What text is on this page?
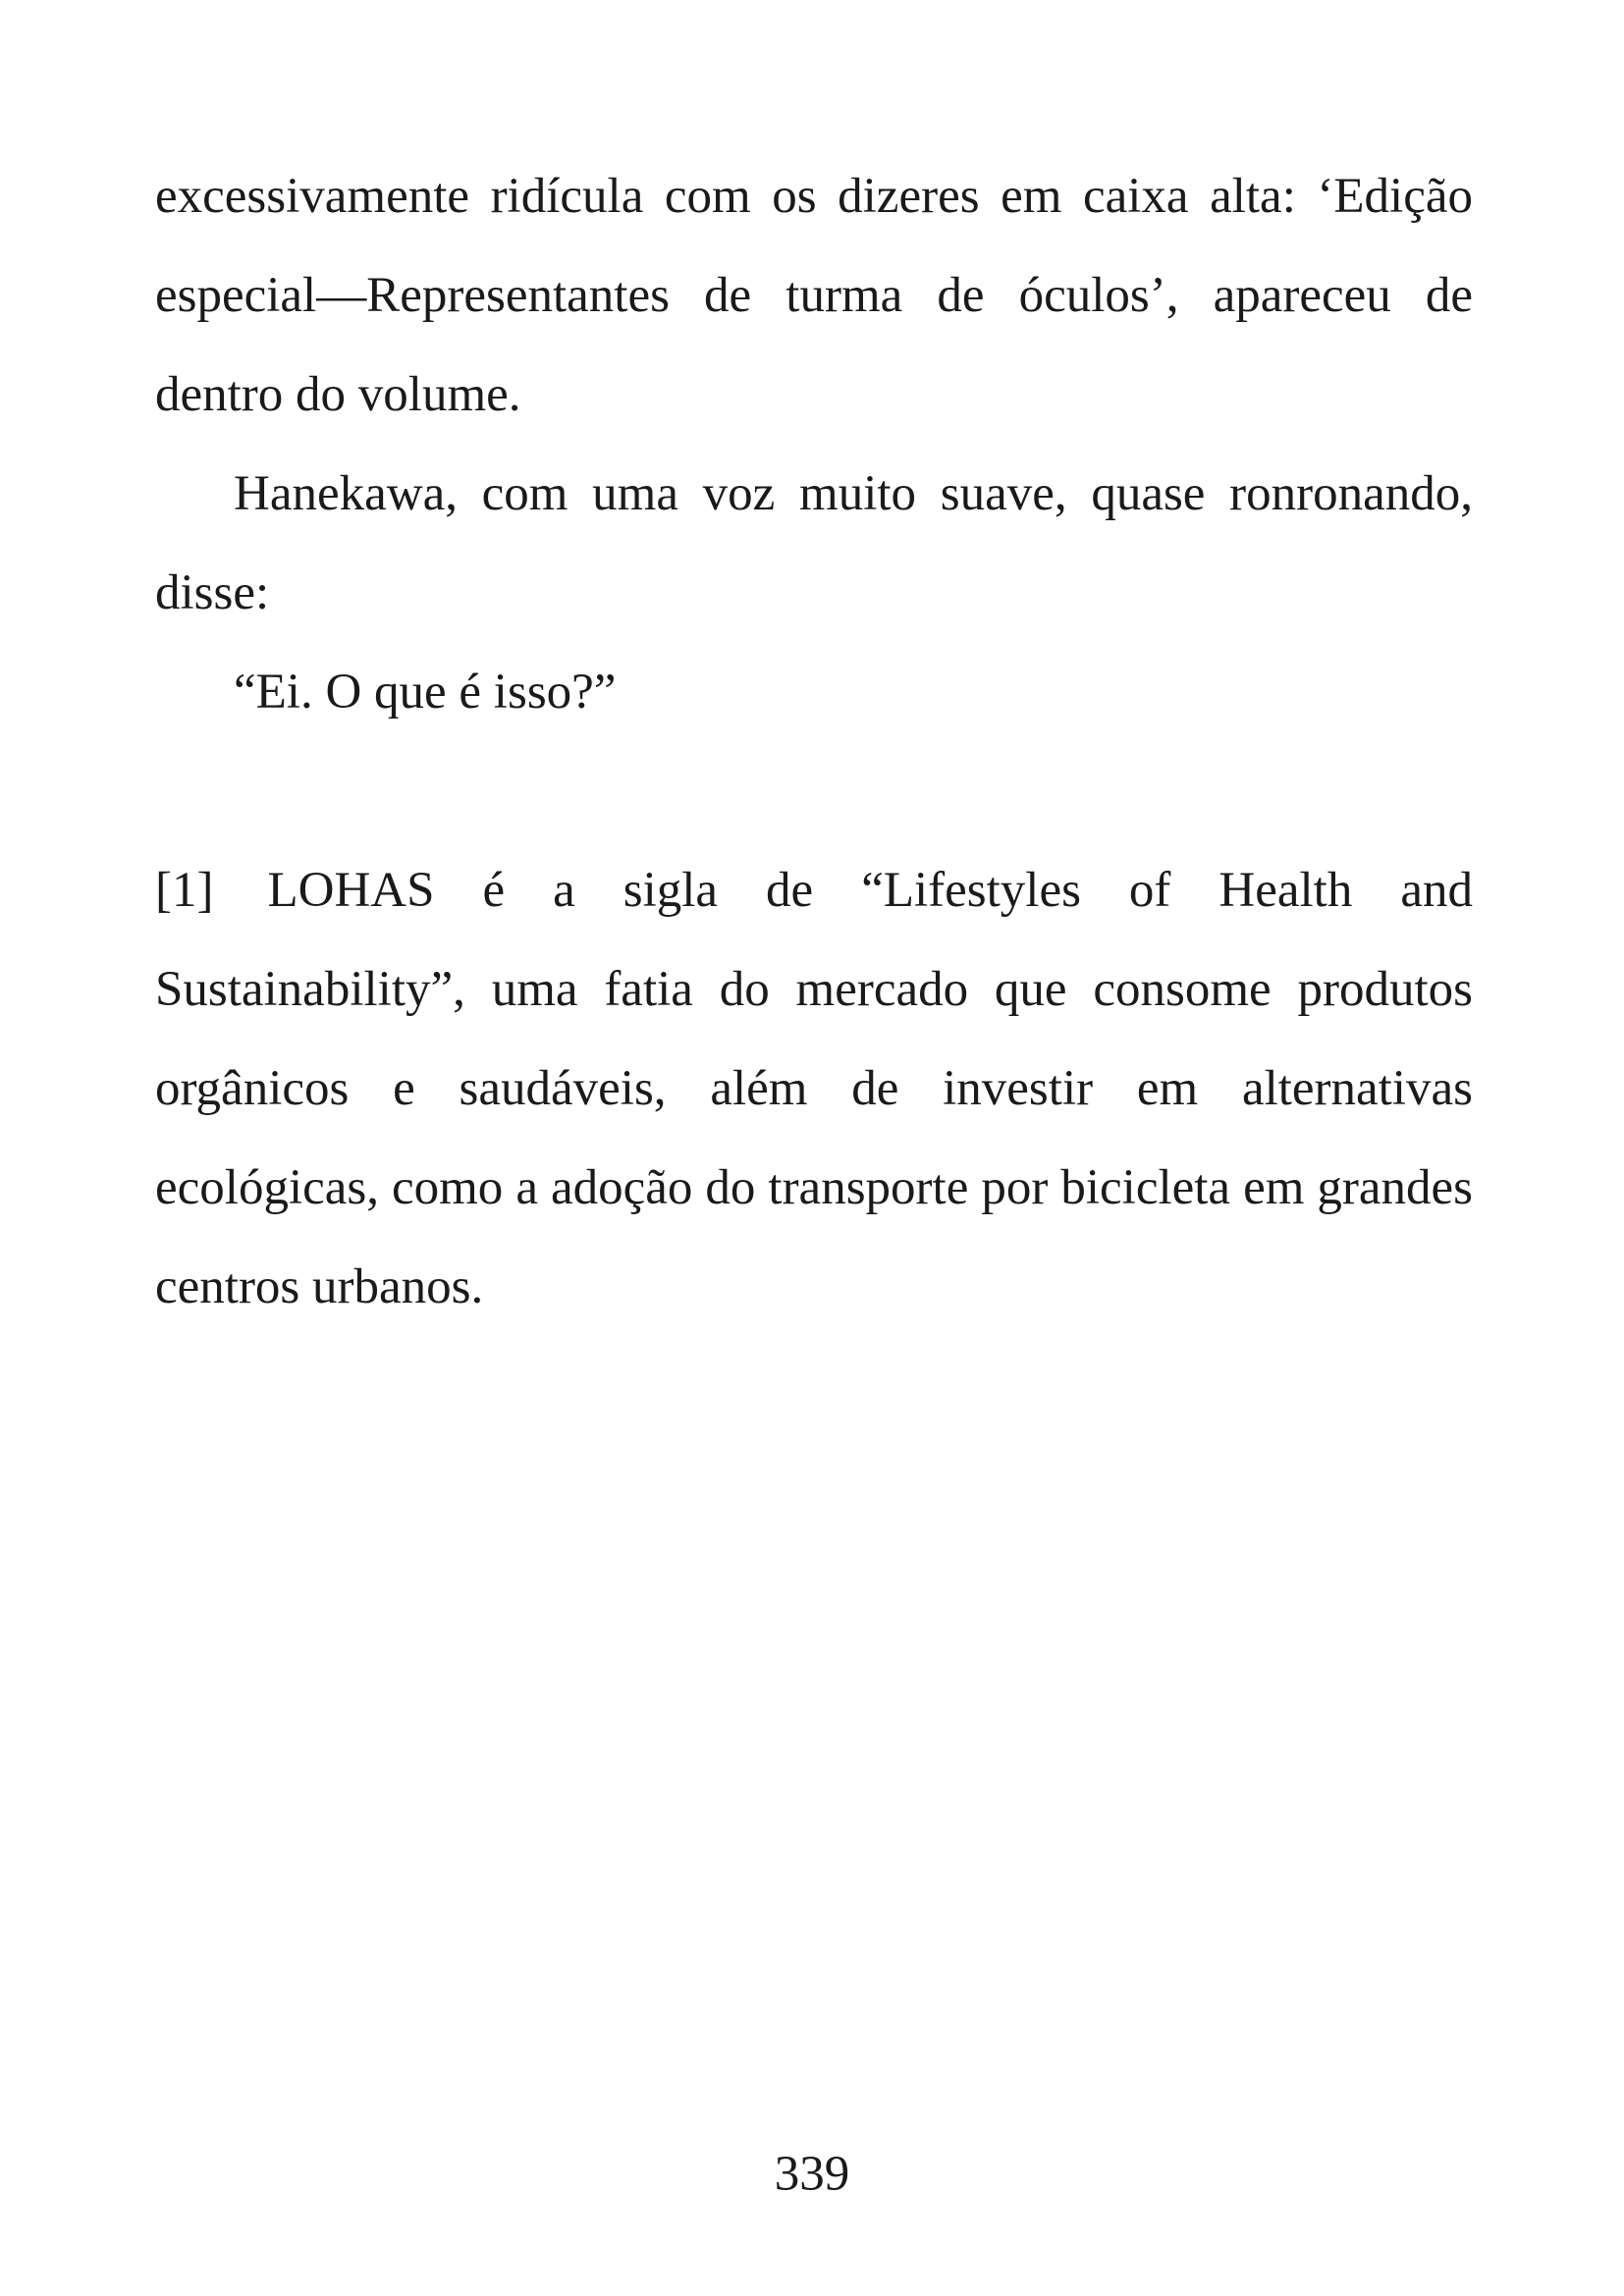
excessivamente ridícula com os dizeres em caixa alta: ‘Edição especial—Representantes de turma de óculos’, apareceu de dentro do volume.

Hanekawa, com uma voz muito suave, quase ronronando, disse:

“Ei. O que é isso?”

[1] LOHAS é a sigla de “Lifestyles of Health and Sustainability”, uma fatia do mercado que consome produtos orgânicos e saudáveis, além de investir em alternativas ecológicas, como a adoção do transporte por bicicleta em grandes centros urbanos.

339
